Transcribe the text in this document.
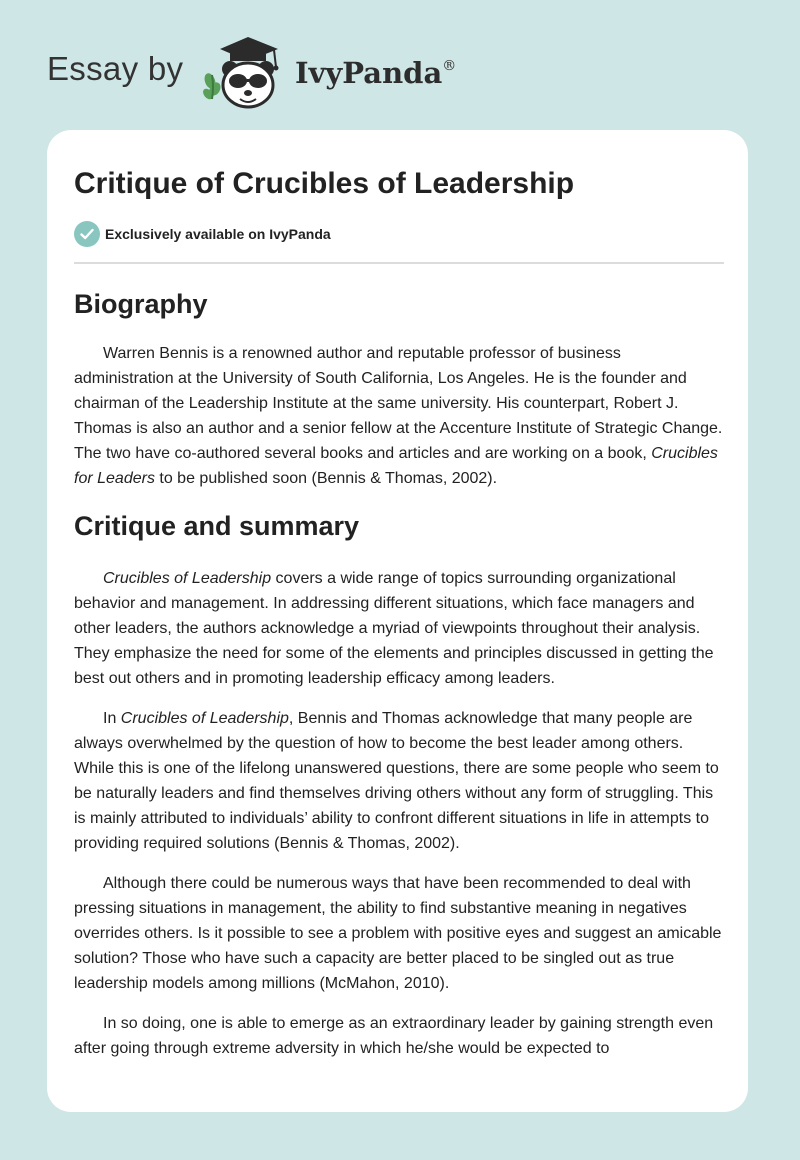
Essay by	IvyPanda®
Critique of Crucibles of Leadership
Exclusively available on IvyPanda
Biography

Warren Bennis is a renowned author and reputable professor of business administration at the University of South California, Los Angeles. He is the founder and chairman of the Leadership Institute at the same university. His counterpart, Robert J. Thomas is also an author and a senior fellow at the Accenture Institute of Strategic Change. The two have co-authored several books and articles and are working on a book, Crucibles for Leaders to be published soon (Bennis & Thomas, 2002).

Critique and summary

Crucibles of Leadership covers a wide range of topics surrounding organizational behavior and management. In addressing different situations, which face managers and other leaders, the authors acknowledge a myriad of viewpoints throughout their analysis. They emphasize the need for some of the elements and principles discussed in getting the best out others and in promoting leadership efficacy among leaders.

In Crucibles of Leadership, Bennis and Thomas acknowledge that many people are always overwhelmed by the question of how to become the best leader among others. While this is one of the lifelong unanswered questions, there are some people who seem to be naturally leaders and find themselves driving others without any form of struggling. This is mainly attributed to individuals’ ability to confront different situations in life in attempts to providing required solutions (Bennis & Thomas, 2002).

Although there could be numerous ways that have been recommended to deal with pressing situations in management, the ability to find substantive meaning in negatives overrides others. Is it possible to see a problem with positive eyes and suggest an amicable solution? Those who have such a capacity are better placed to be singled out as true leadership models among millions (McMahon, 2010).

In so doing, one is able to emerge as an extraordinary leader by gaining strength even after going through extreme adversity in which he/she would be expected to
